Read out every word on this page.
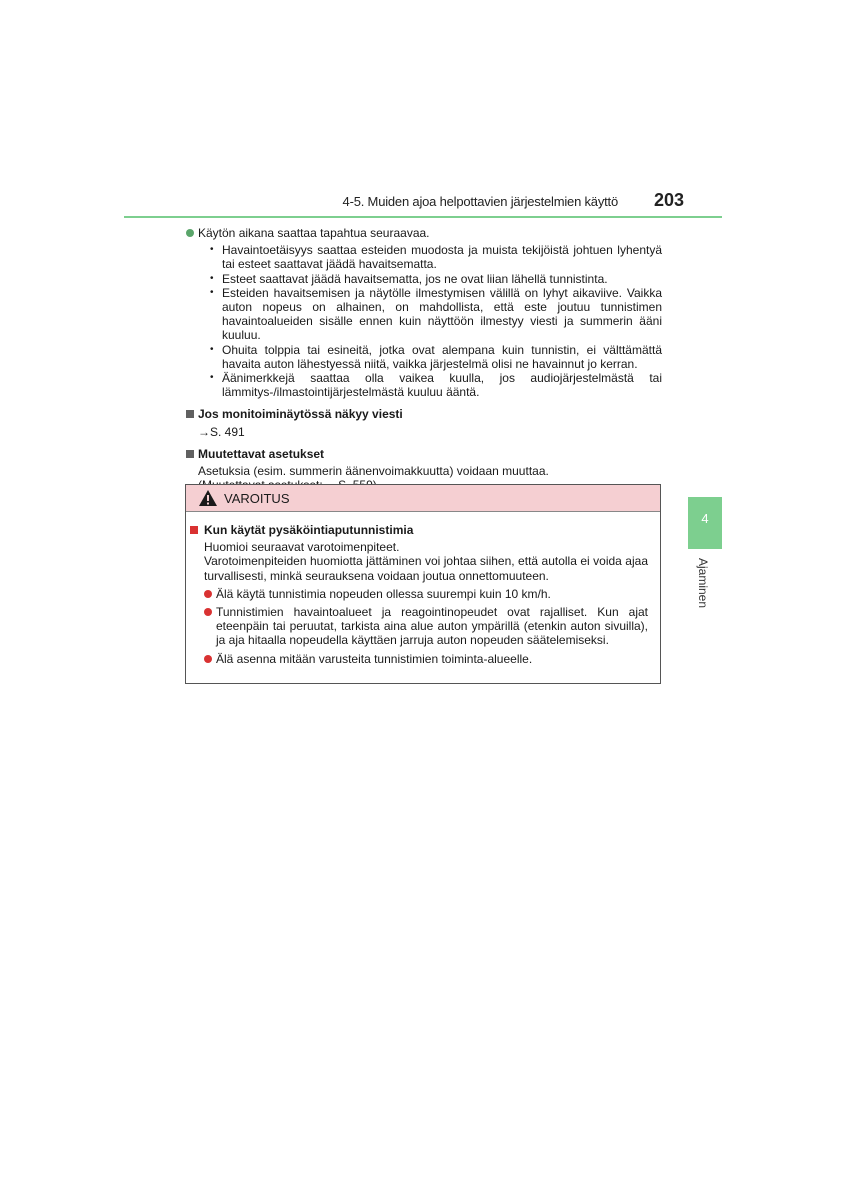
4-5. Muiden ajoa helpottavien järjestelmien käyttö	203
4
Ajaminen
Käytön aikana saattaa tapahtua seuraavaa.
• Havaintoetäisyys saattaa esteiden muodosta ja muista tekijöistä johtuen lyhentyä tai esteet saattavat jäädä havaitsematta.
• Esteet saattavat jäädä havaitsematta, jos ne ovat liian lähellä tunnistinta.
• Esteiden havaitsemisen ja näytölle ilmestymisen välillä on lyhyt aikaviive. Vaikka auton nopeus on alhainen, on mahdollista, että este joutuu tunnistimen havaintoalueiden sisälle ennen kuin näyttöön ilmestyy viesti ja summerin ääni kuuluu.
• Ohuita tolppia tai esineitä, jotka ovat alempana kuin tunnistin, ei välttämättä havaita auton lähestyessä niitä, vaikka järjestelmä olisi ne havainnut jo kerran.
• Äänimerkkejä saattaa olla vaikea kuulla, jos audiojärjestelmästä tai lämmitys-/ilmastointijärjestelmästä kuuluu ääntä.
Jos monitoiminäytössä näkyy viesti
→S. 491
Muutettavat asetukset
Asetuksia (esim. summerin äänenvoimakkuutta) voidaan muuttaa.
VAROITUS
Kun käytät pysäköintiaputunnistimia
Huomioi seuraavat varotoimenpiteet.
Varotoimenpiteiden huomiotta jättäminen voi johtaa siihen, että autolla ei voida ajaa turvallisesti, minkä seurauksena voidaan joutua onnettomuuteen.
Älä käytä tunnistimia nopeuden ollessa suurempi kuin 10 km/h.
Tunnistimien havaintoalueet ja reagointinopeudet ovat rajalliset. Kun ajat eteenpäin tai peruutat, tarkista aina alue auton ympärillä (etenkin auton sivuilla), ja aja hitaalla nopeudella käyttäen jarruja auton nopeuden säätelemiseksi.
Älä asenna mitään varusteita tunnistimien toiminta-alueelle.
